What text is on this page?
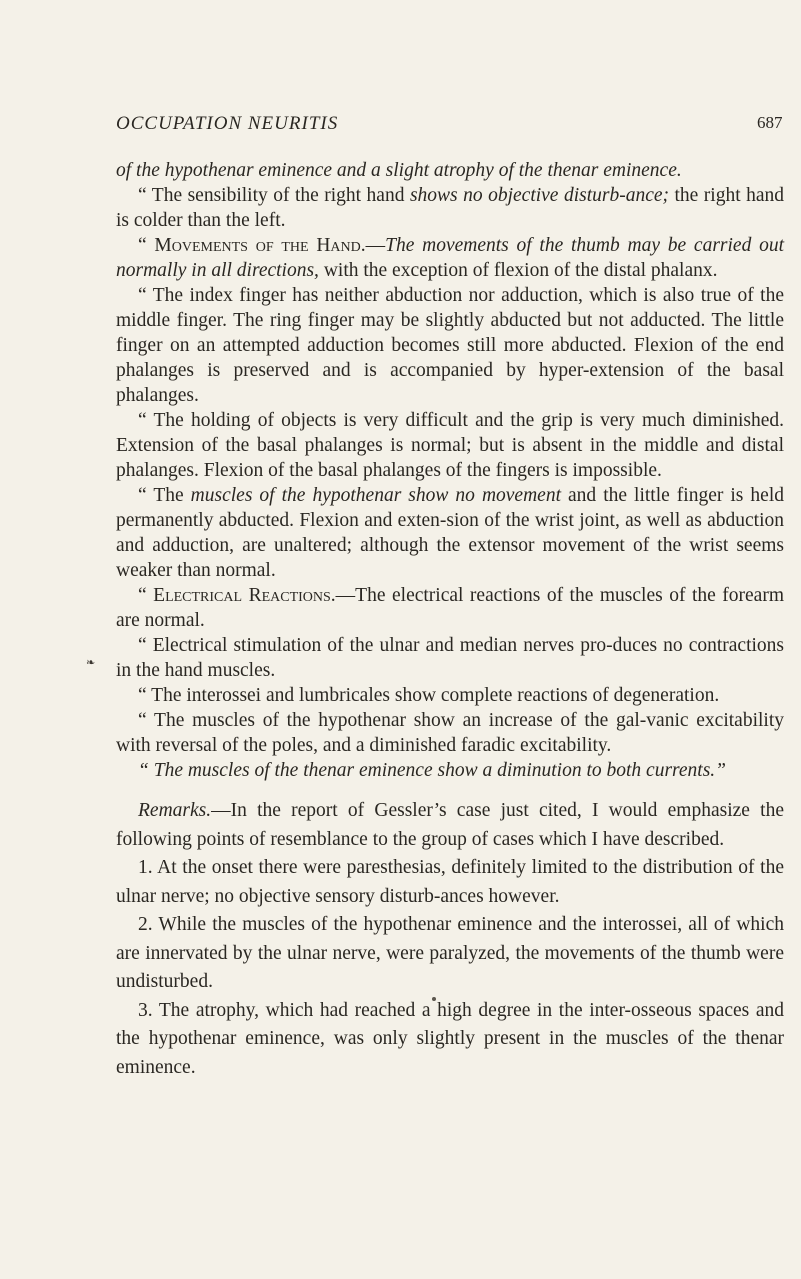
OCCUPATION NEURITIS	687
❧

of the hypothenar eminence and a slight atrophy of the thenar eminence.

“ The sensibility of the right hand shows no objective disturb-ance; the right hand is colder than the left.

“ Movements of the Hand.—The movements of the thumb may be carried out normally in all directions, with the exception of flexion of the distal phalanx.

“ The index finger has neither abduction nor adduction, which is also true of the middle finger. The ring finger may be slightly abducted but not adducted. The little finger on an attempted adduction becomes still more abducted. Flexion of the end phalanges is preserved and is accompanied by hyper-extension of the basal phalanges.

“ The holding of objects is very difficult and the grip is very much diminished. Extension of the basal phalanges is normal; but is absent in the middle and distal phalanges. Flexion of the basal phalanges of the fingers is impossible.

“ The muscles of the hypothenar show no movement and the little finger is held permanently abducted. Flexion and exten-sion of the wrist joint, as well as abduction and adduction, are unaltered; although the extensor movement of the wrist seems weaker than normal.

“ Electrical Reactions.—The electrical reactions of the muscles of the forearm are normal.

“ Electrical stimulation of the ulnar and median nerves pro-duces no contractions in the hand muscles.

“ The interossei and lumbricales show complete reactions of degeneration.

“ The muscles of the hypothenar show an increase of the gal-vanic excitability with reversal of the poles, and a diminished faradic excitability.

“ The muscles of the thenar eminence show a diminution to both currents.”

Remarks.—In the report of Gessler’s case just cited, I would emphasize the following points of resemblance to the group of cases which I have described.

1. At the onset there were paresthesias, definitely limited to the distribution of the ulnar nerve; no objective sensory disturb-ances however.

2. While the muscles of the hypothenar eminence and the interossei, all of which are innervated by the ulnar nerve, were paralyzed, the movements of the thumb were undisturbed.

3. The atrophy, which had reached a high degree in the inter-osseous spaces and the hypothenar eminence, was only slightly present in the muscles of the thenar eminence.
